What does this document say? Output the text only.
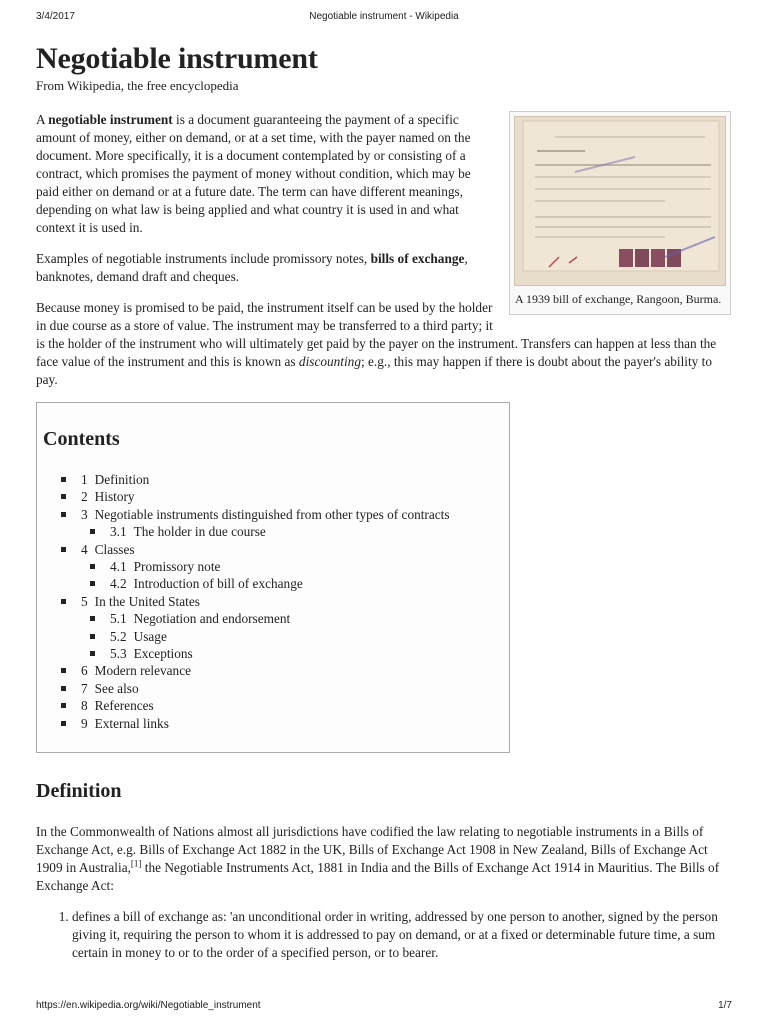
3/4/2017	Negotiable instrument - Wikipedia
Negotiable instrument
From Wikipedia, the free encyclopedia
A 1939 bill of exchange, Rangoon, Burma.

A negotiable instrument is a document guaranteeing the payment of a specific amount of money, either on demand, or at a set time, with the payer named on the document. More specifically, it is a document contemplated by or consisting of a contract, which promises the payment of money without condition, which may be paid either on demand or at a future date. The term can have different meanings, depending on what law is being applied and what country it is used in and what context it is used in.

Examples of negotiable instruments include promissory notes, bills of exchange, banknotes, demand draft and cheques.

Because money is promised to be paid, the instrument itself can be used by the holder in due course as a store of value. The instrument may be transferred to a third party; it is the holder of the instrument who will ultimately get paid by the payer on the instrument. Transfers can happen at less than the face value of the instrument and this is known as discounting; e.g., this may happen if there is doubt about the payer's ability to pay.

Contents
1 Definition
2 History
3 Negotiable instruments distinguished from other types of contracts
3.1 The holder in due course
4 Classes
4.1 Promissory note
4.2 Introduction of bill of exchange
5 In the United States
5.1 Negotiation and endorsement
5.2 Usage
5.3 Exceptions
6 Modern relevance
7 See also
8 References
9 External links
Definition

In the Commonwealth of Nations almost all jurisdictions have codified the law relating to negotiable instruments in a Bills of Exchange Act, e.g. Bills of Exchange Act 1882 in the UK, Bills of Exchange Act 1908 in New Zealand, Bills of Exchange Act 1909 in Australia,[1] the Negotiable Instruments Act, 1881 in India and the Bills of Exchange Act 1914 in Mauritius. The Bills of Exchange Act:

1. defines a bill of exchange as: 'an unconditional order in writing, addressed by one person to another, signed by the person giving it, requiring the person to whom it is addressed to pay on demand, or at a fixed or determinable future time, a sum certain in money to or to the order of a specified person, or to bearer.
https://en.wikipedia.org/wiki/Negotiable_instrument	1/7
